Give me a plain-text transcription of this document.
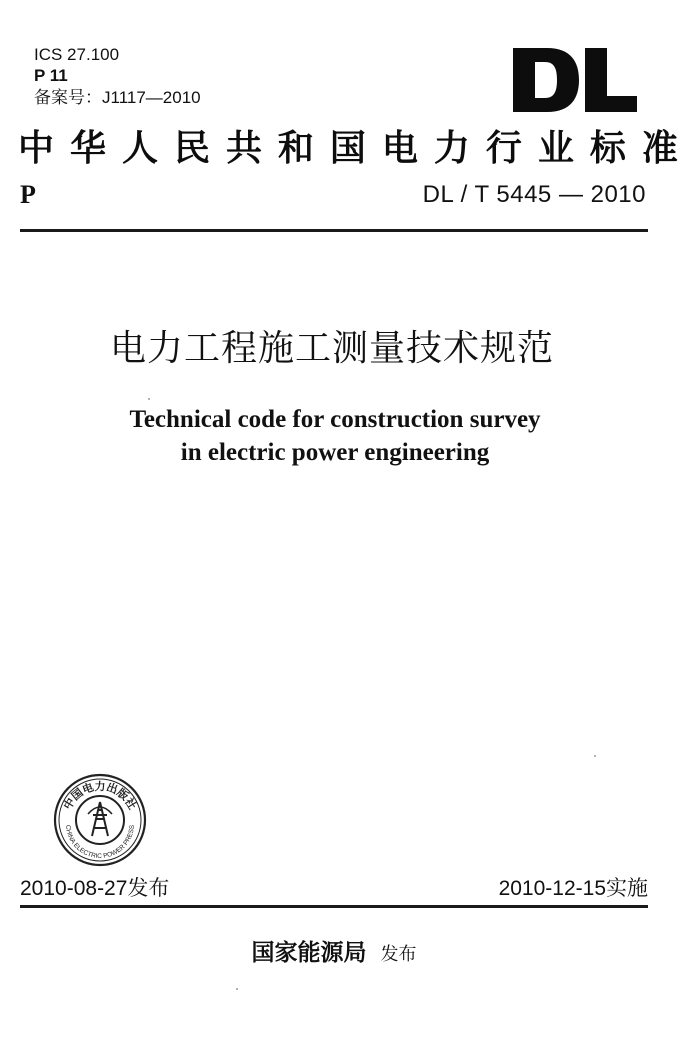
ICS 27.100
P 11
备案号：J1117—2010
中 华 人 民 共 和 国 电 力 行 业 标 准
P	DL / T 5445 — 2010
电力工程施工测量技术规范
Technical code for construction survey
in electric power engineering
中国电力出版社
CHINA ELECTRIC POWER PRESS
2010-08-27发布	2010-12-15实施
国家能源局 发布
